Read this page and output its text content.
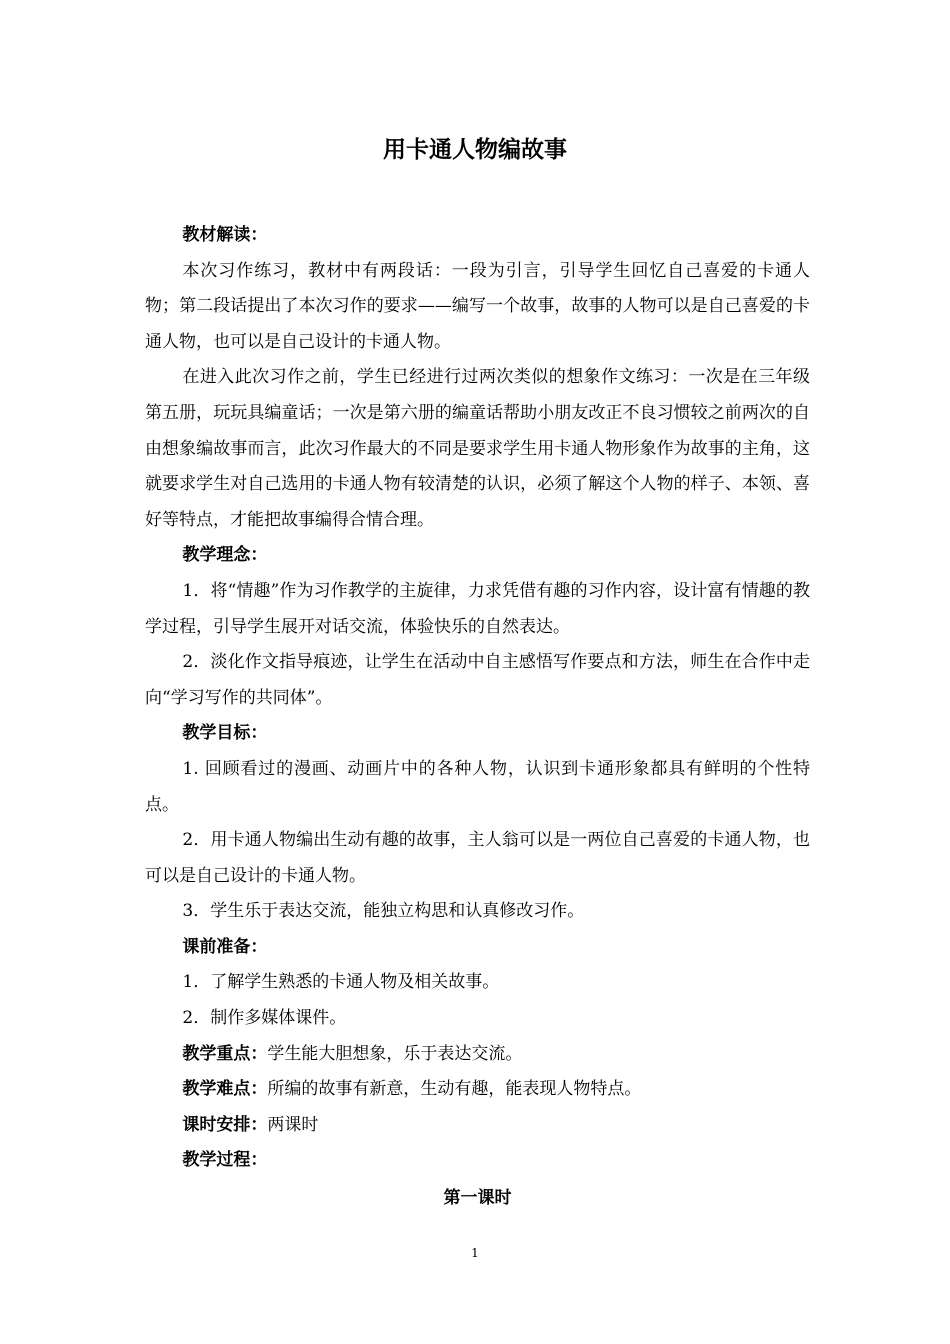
用卡通人物编故事

教材解读：

本次习作练习，教材中有两段话：一段为引言，引导学生回忆自己喜爱的卡通人物；第二段话提出了本次习作的要求——编写一个故事，故事的人物可以是自己喜爱的卡通人物，也可以是自己设计的卡通人物。

在进入此次习作之前，学生已经进行过两次类似的想象作文练习：一次是在三年级第五册，玩玩具编童话；一次是第六册的编童话帮助小朋友改正不良习惯较之前两次的自由想象编故事而言，此次习作最大的不同是要求学生用卡通人物形象作为故事的主角，这就要求学生对自己选用的卡通人物有较清楚的认识，必须了解这个人物的样子、本领、喜好等特点，才能把故事编得合情合理。

教学理念：

1．将“情趣”作为习作教学的主旋律，力求凭借有趣的习作内容，设计富有情趣的教学过程，引导学生展开对话交流，体验快乐的自然表达。

2．淡化作文指导痕迹，让学生在活动中自主感悟写作要点和方法，师生在合作中走向“学习写作的共同体”。

教学目标：

1. 回顾看过的漫画、动画片中的各种人物，认识到卡通形象都具有鲜明的个性特点。

2．用卡通人物编出生动有趣的故事，主人翁可以是一两位自己喜爱的卡通人物，也可以是自己设计的卡通人物。

3．学生乐于表达交流，能独立构思和认真修改习作。

课前准备：

1．了解学生熟悉的卡通人物及相关故事。

2．制作多媒体课件。

教学重点：学生能大胆想象，乐于表达交流。

教学难点：所编的故事有新意，生动有趣，能表现人物特点。

课时安排：两课时

教学过程：

第一课时

1
